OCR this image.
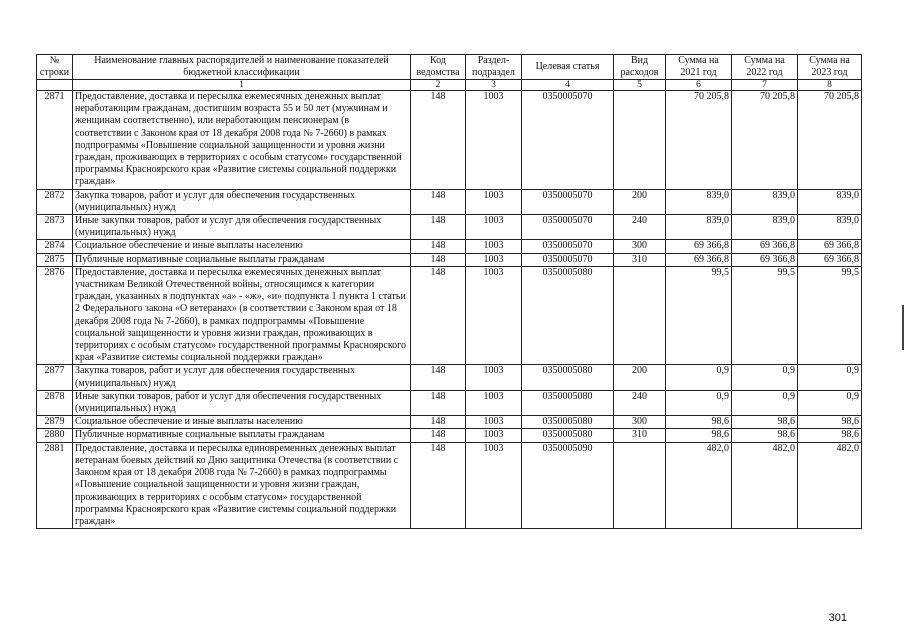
№ строки	Наименование главных распорядителей и наименование показателей бюджетной классификации	Код ведомства	Раздел-подраздел	Целевая статья	Вид расходов	Сумма на 2021 год	Сумма на 2022 год	Сумма на 2023 год
	1	2	3	4	5	6	7	8
2871	Предоставление, доставка и пересылка ежемесячных денежных выплат неработающим гражданам, достигшим возраста 55 и 50 лет (мужчинам и женщинам соответственно), или неработающим пенсионерам (в соответствии с Законом края от 18 декабря 2008 года № 7-2660) в рамках подпрограммы «Повышение социальной защищенности и уровня жизни граждан, проживающих в территориях с особым статусом» государственной программы Красноярского края «Развитие системы социальной поддержки граждан»	148	1003	0350005070		70 205,8	70 205,8	70 205,8
2872	Закупка товаров, работ и услуг для обеспечения государственных (муниципальных) нужд	148	1003	0350005070	200	839,0	839,0	839,0
2873	Иные закупки товаров, работ и услуг для обеспечения государственных (муниципальных) нужд	148	1003	0350005070	240	839,0	839,0	839,0
2874	Социальное обеспечение и иные выплаты населению	148	1003	0350005070	300	69 366,8	69 366,8	69 366,8
2875	Публичные нормативные социальные выплаты гражданам	148	1003	0350005070	310	69 366,8	69 366,8	69 366,8
2876	Предоставление, доставка и пересылка ежемесячных денежных выплат участникам Великой Отечественной войны, относящимся к категории граждан, указанных в подпунктах «а» - «ж», «и» подпункта 1 пункта 1 статьи 2 Федерального закона «О ветеранах» (в соответствии с Законом края от 18 декабря 2008 года № 7-2660), в рамках подпрограммы «Повышение социальной защищенности и уровня жизни граждан, проживающих в территориях с особым статусом» государственной программы Красноярского края «Развитие системы социальной поддержки граждан»	148	1003	0350005080		99,5	99,5	99,5
2877	Закупка товаров, работ и услуг для обеспечения государственных (муниципальных) нужд	148	1003	0350005080	200	0,9	0,9	0,9
2878	Иные закупки товаров, работ и услуг для обеспечения государственных (муниципальных) нужд	148	1003	0350005080	240	0,9	0,9	0,9
2879	Социальное обеспечение и иные выплаты населению	148	1003	0350005080	300	98,6	98,6	98,6
2880	Публичные нормативные социальные выплаты гражданам	148	1003	0350005080	310	98,6	98,6	98,6
2881	Предоставление, доставка и пересылка единовременных денежных выплат ветеранам боевых действий ко Дню защитника Отечества (в соответствии с Законом края от 18 декабря 2008 года № 7-2660) в рамках подпрограммы «Повышение социальной защищенности и уровня жизни граждан, проживающих в территориях с особым статусом» государственной программы Красноярского края «Развитие системы социальной поддержки граждан»	148	1003	0350005090		482,0	482,0	482,0
301
